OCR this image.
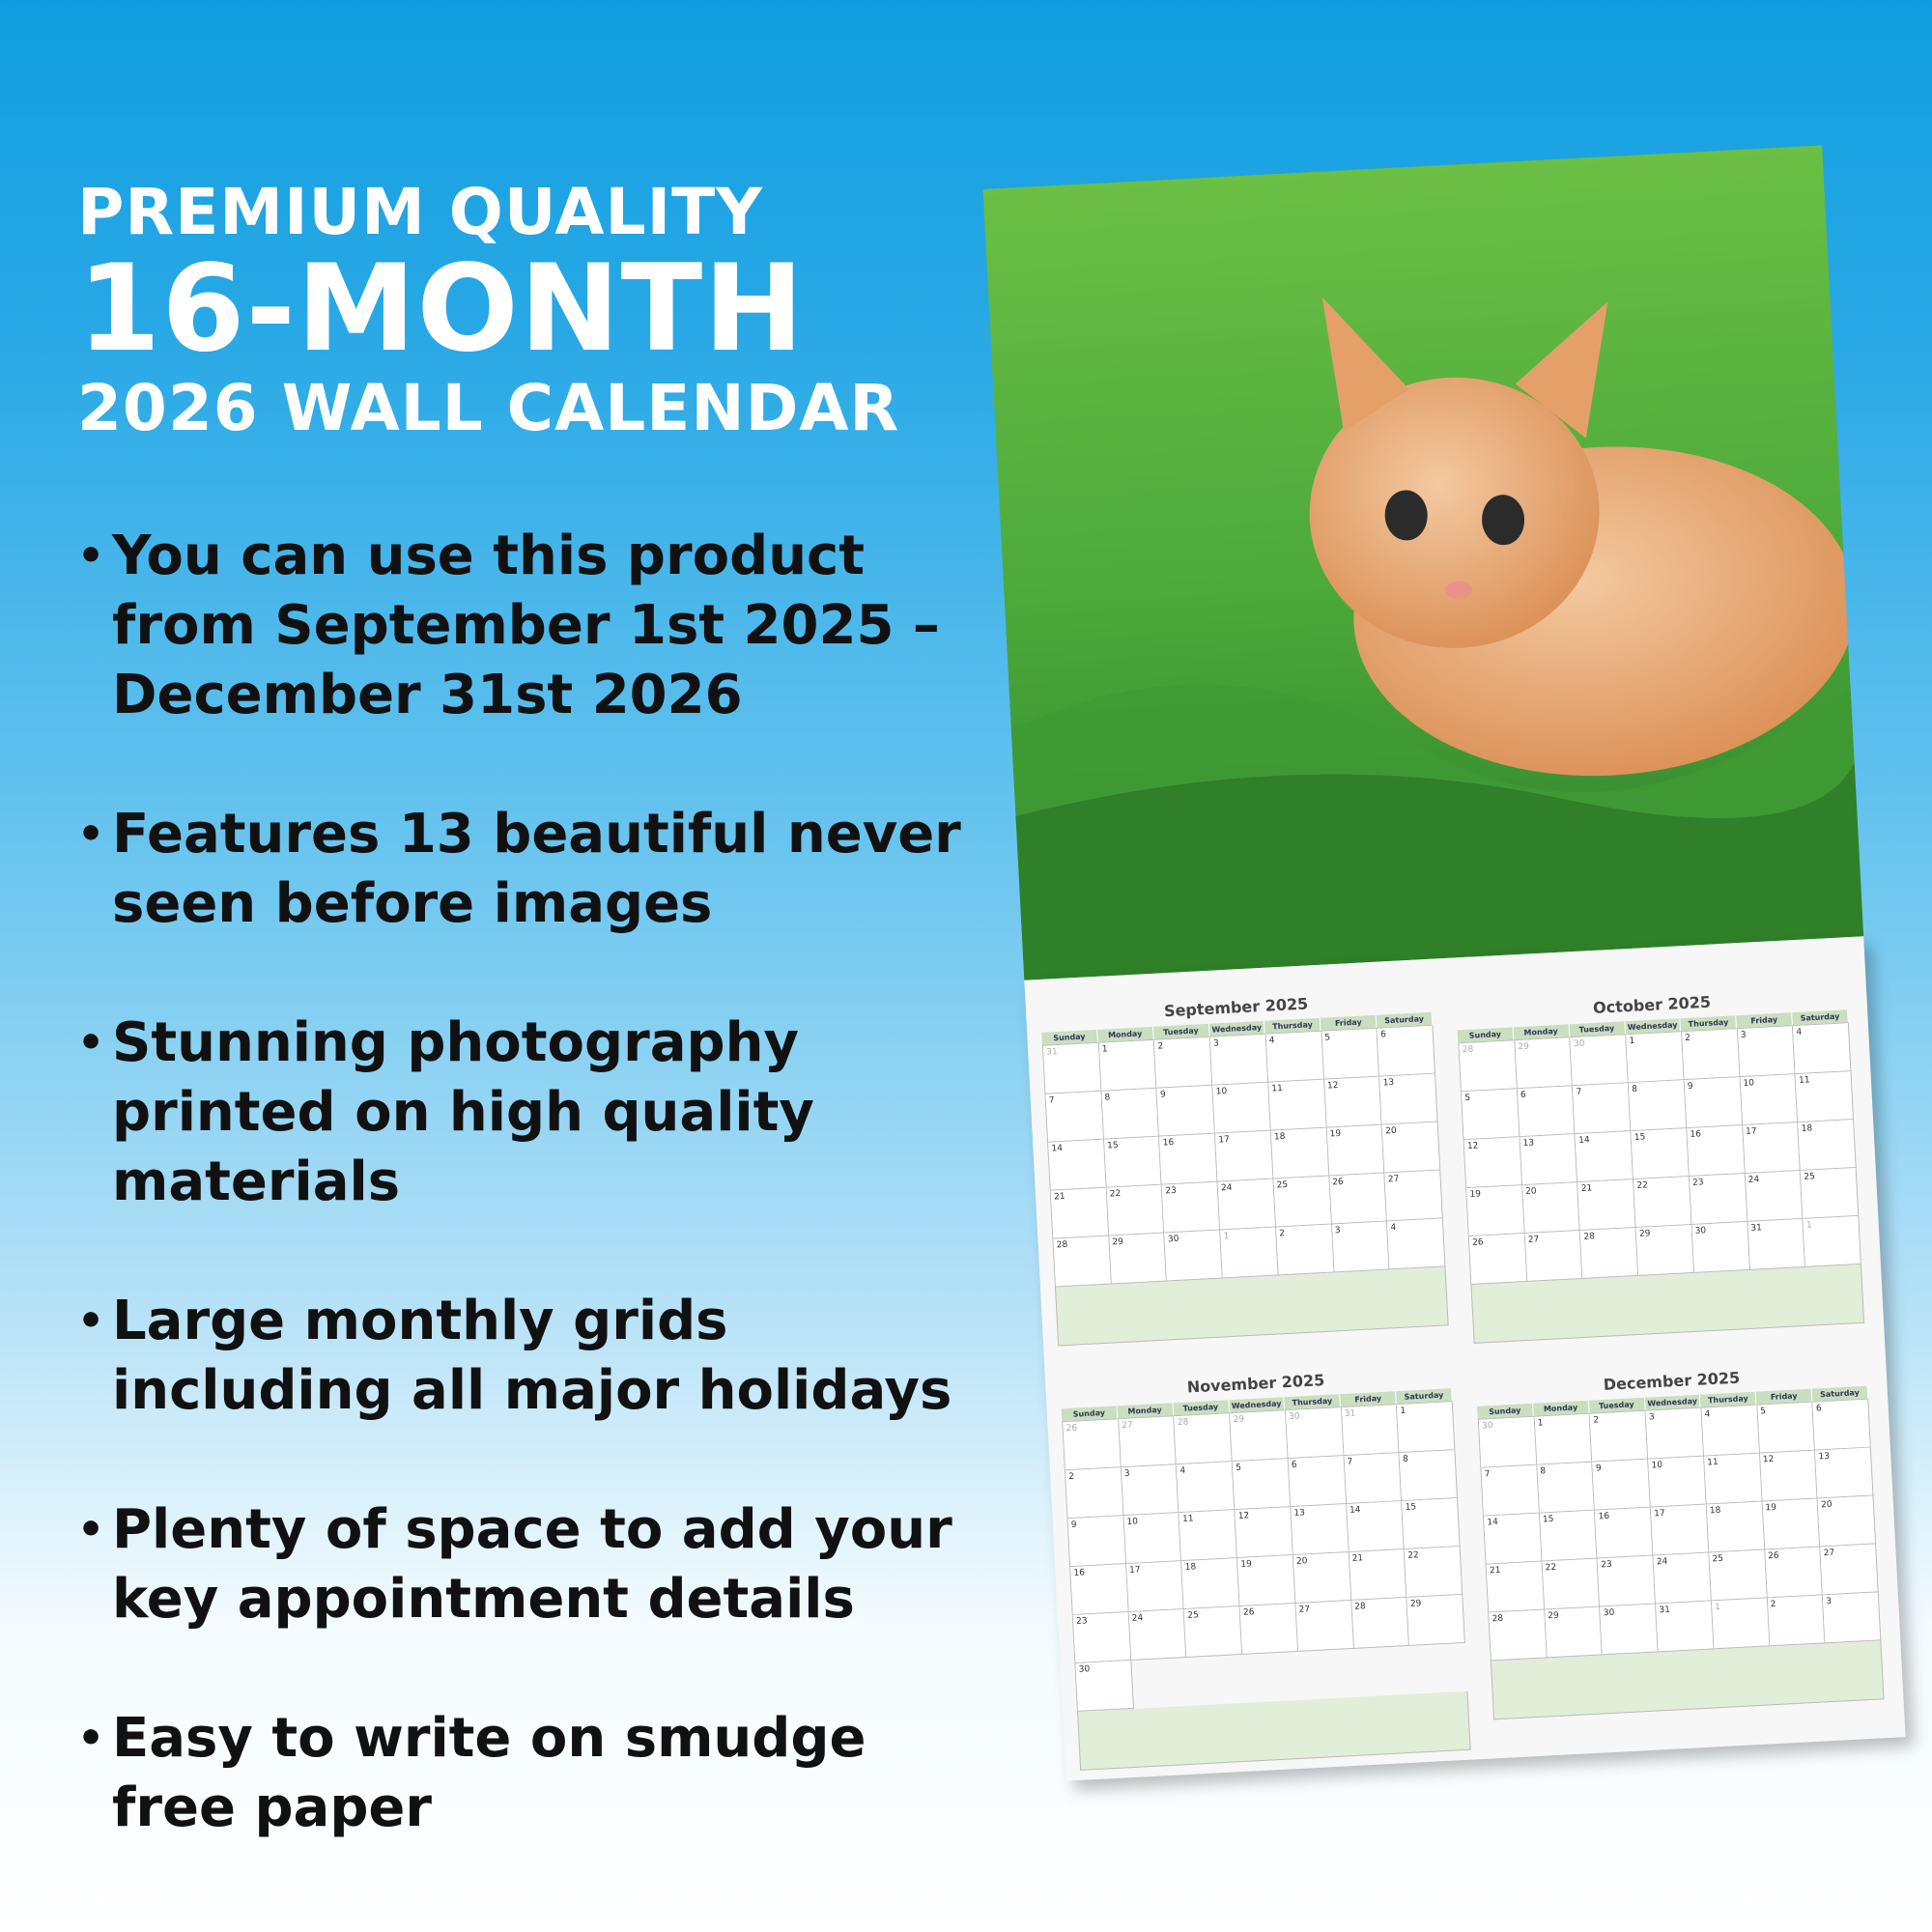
PREMIUM QUALITY
16-MONTH
2026 WALL CALENDAR
• You can use this product from September 1st 2025 – December 31st 2026
• Features 13 beautiful never seen before images
• Stunning photography printed on high quality materials
• Large monthly grids including all major holidays
• Plenty of space to add your key appointment details
• Easy to write on smudge free paper
September 2025
Sunday	Monday	Tuesday	Wednesday	Thursday	Friday	Saturday
31	1	2	3	4	5	6
7	8	9	10	11	12	13
14	15	16	17	18	19	20
21	22	23	24	25	26	27
28	29	30	1	2	3	4
October 2025
Sunday	Monday	Tuesday	Wednesday	Thursday	Friday	Saturday
28	29	30	1	2	3	4
5	6	7	8	9	10	11
12	13	14	15	16	17	18
19	20	21	22	23	24	25
26	27	28	29	30	31	1
November 2025
Sunday	Monday	Tuesday	Wednesday	Thursday	Friday	Saturday
26	27	28	29	30	31	1
2	3	4	5	6	7	8
9	10	11	12	13	14	15
16	17	18	19	20	21	22
23	24	25	26	27	28	29
30
December 2025
Sunday	Monday	Tuesday	Wednesday	Thursday	Friday	Saturday
30	1	2	3	4	5	6
7	8	9	10	11	12	13
14	15	16	17	18	19	20
21	22	23	24	25	26	27
28	29	30	31	1	2	3
